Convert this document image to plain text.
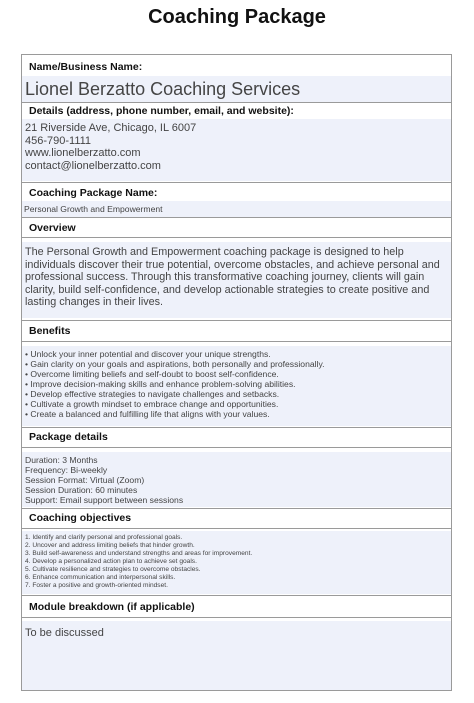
Coaching Package
Name/Business Name:
Lionel Berzatto Coaching Services
Details (address, phone number, email, and website):
21 Riverside Ave, Chicago, IL 6007
456-790-1111
www.lionelberzatto.com
contact@lionelberzatto.com
Coaching Package Name:
Personal Growth and Empowerment
Overview
The Personal Growth and Empowerment coaching package is designed to help individuals discover their true potential, overcome obstacles, and achieve personal and professional success. Through this transformative coaching journey, clients will gain clarity, build self-confidence, and develop actionable strategies to create positive and lasting changes in their lives.
Benefits
• Unlock your inner potential and discover your unique strengths.
• Gain clarity on your goals and aspirations, both personally and professionally.
• Overcome limiting beliefs and self-doubt to boost self-confidence.
• Improve decision-making skills and enhance problem-solving abilities.
• Develop effective strategies to navigate challenges and setbacks.
• Cultivate a growth mindset to embrace change and opportunities.
• Create a balanced and fulfilling life that aligns with your values.
Package details
Duration: 3 Months
Frequency: Bi-weekly
Session Format: Virtual (Zoom)
Session Duration: 60 minutes
Support: Email support between sessions
Coaching objectives
1. Identify and clarify personal and professional goals.
2. Uncover and address limiting beliefs that hinder growth.
3. Build self-awareness and understand strengths and areas for improvement.
4. Develop a personalized action plan to achieve set goals.
5. Cultivate resilience and strategies to overcome obstacles.
6. Enhance communication and interpersonal skills.
7. Foster a positive and growth-oriented mindset.
Module breakdown (if applicable)
To be discussed
